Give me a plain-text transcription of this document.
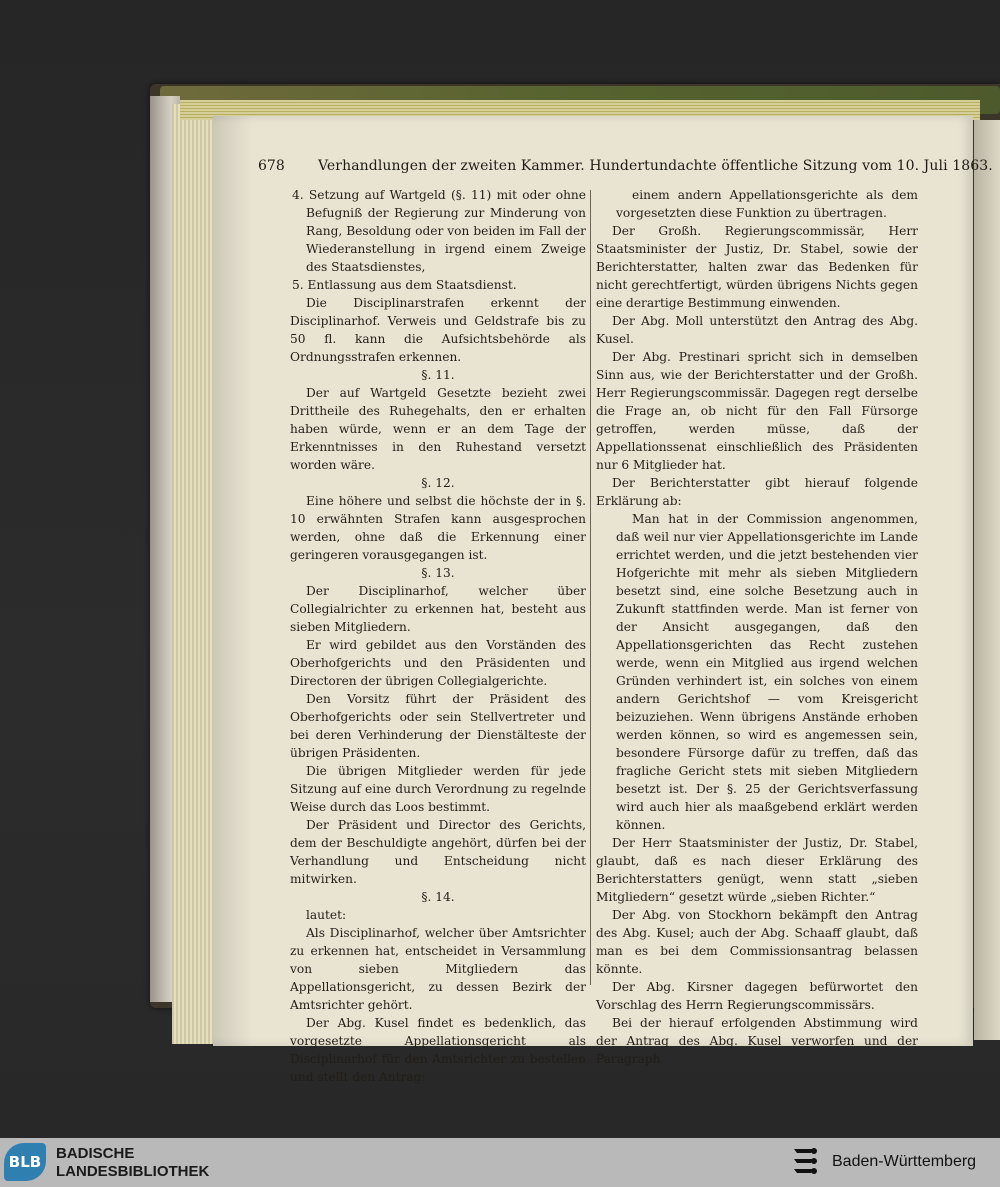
678 Verhandlungen der zweiten Kammer. Hundertundachte öffentliche Sitzung vom 10. Juli 1863.

4. Setzung auf Wartgeld (§. 11) mit oder ohne Befugniß der Regierung zur Minderung von Rang, Besoldung oder von beiden im Fall der Wiederanstellung in irgend einem Zweige des Staatsdienstes,

5. Entlassung aus dem Staatsdienst.

Die Disciplinarstrafen erkennt der Disciplinarhof. Verweis und Geldstrafe bis zu 50 fl. kann die Aufsichtsbehörde als Ordnungsstrafen erkennen.

§. 11.

Der auf Wartgeld Gesetzte bezieht zwei Drittheile des Ruhegehalts, den er erhalten haben würde, wenn er an dem Tage der Erkenntnisses in den Ruhestand versetzt worden wäre.

§. 12.

Eine höhere und selbst die höchste der in §. 10 erwähnten Strafen kann ausgesprochen werden, ohne daß die Erkennung einer geringeren vorausgegangen ist.

§. 13.

Der Disciplinarhof, welcher über Collegialrichter zu erkennen hat, besteht aus sieben Mitgliedern.

Er wird gebildet aus den Vorständen des Oberhofgerichts und den Präsidenten und Directoren der übrigen Collegialgerichte.

Den Vorsitz führt der Präsident des Oberhofgerichts oder sein Stellvertreter und bei deren Verhinderung der Dienstälteste der übrigen Präsidenten.

Die übrigen Mitglieder werden für jede Sitzung auf eine durch Verordnung zu regelnde Weise durch das Loos bestimmt.

Der Präsident und Director des Gerichts, dem der Beschuldigte angehört, dürfen bei der Verhandlung und Entscheidung nicht mitwirken.

§. 14.

lautet:

Als Disciplinarhof, welcher über Amtsrichter zu erkennen hat, entscheidet in Versammlung von sieben Mitgliedern das Appellationsgericht, zu dessen Bezirk der Amtsrichter gehört.

Der Abg. Kusel findet es bedenklich, das vorgesetzte Appellationsgericht als Disciplinarhof für den Amtsrichter zu bestellen und stellt den Antrag:

einem andern Appellationsgerichte als dem vorgesetzten diese Funktion zu übertragen.

Der Großh. Regierungscommissär, Herr Staatsminister der Justiz, Dr. Stabel, sowie der Berichterstatter, halten zwar das Bedenken für nicht gerechtfertigt, würden übrigens Nichts gegen eine derartige Bestimmung einwenden.

Der Abg. Moll unterstützt den Antrag des Abg. Kusel.

Der Abg. Prestinari spricht sich in demselben Sinn aus, wie der Berichterstatter und der Großh. Herr Regierungscommissär. Dagegen regt derselbe die Frage an, ob nicht für den Fall Fürsorge getroffen, werden müsse, daß der Appellationssenat einschließlich des Präsidenten nur 6 Mitglieder hat.

Der Berichterstatter gibt hierauf folgende Erklärung ab:

Man hat in der Commission angenommen, daß weil nur vier Appellationsgerichte im Lande errichtet werden, und die jetzt bestehenden vier Hofgerichte mit mehr als sieben Mitgliedern besetzt sind, eine solche Besetzung auch in Zukunft stattfinden werde. Man ist ferner von der Ansicht ausgegangen, daß den Appellationsgerichten das Recht zustehen werde, wenn ein Mitglied aus irgend welchen Gründen verhindert ist, ein solches von einem andern Gerichtshof — vom Kreisgericht beizuziehen. Wenn übrigens Anstände erhoben werden können, so wird es angemessen sein, besondere Fürsorge dafür zu treffen, daß das fragliche Gericht stets mit sieben Mitgliedern besetzt ist. Der §. 25 der Gerichtsverfassung wird auch hier als maaßgebend erklärt werden können.

Der Herr Staatsminister der Justiz, Dr. Stabel, glaubt, daß es nach dieser Erklärung des Berichterstatters genügt, wenn statt „sieben Mitgliedern“ gesetzt würde „sieben Richter.“

Der Abg. von Stockhorn bekämpft den Antrag des Abg. Kusel; auch der Abg. Schaaff glaubt, daß man es bei dem Commissionsantrag belassen könnte.

Der Abg. Kirsner dagegen befürwortet den Vorschlag des Herrn Regierungscommissärs.

Bei der hierauf erfolgenden Abstimmung wird der Antrag des Abg. Kusel verworfen und der Paragraph

BLB BADISCHE
LANDESBIBLIOTHEK
Baden-Württemberg
